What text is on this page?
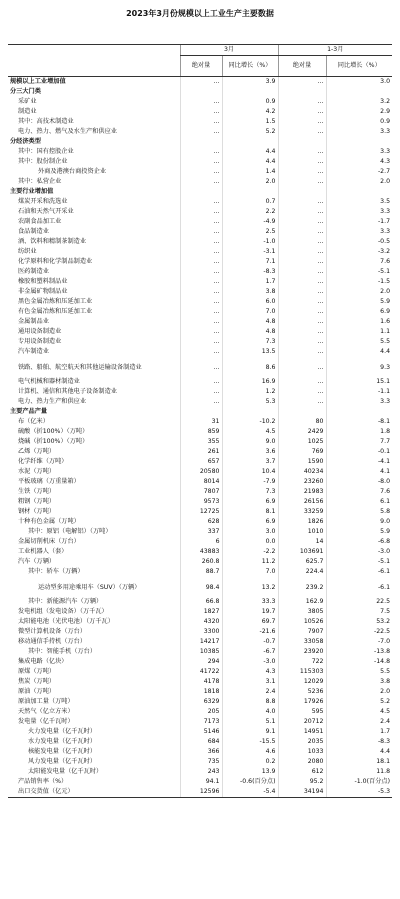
2023年3月份规模以上工业生产主要数据
	3月		1-3月	
	绝对量	同比增长（%）	绝对量	同比增长（%）
规模以上工业增加值	…	3.9	…	3.0
分三大门类				
采矿业	…	0.9	…	3.2
制造业	…	4.2	…	2.9
其中：高技术制造业	…	1.5	…	0.9
电力、热力、燃气及水生产和供应业	…	5.2	…	3.3
分经济类型				
其中：国有控股企业	…	4.4	…	3.3
其中：股份制企业	…	4.4	…	4.3
外商及港澳台商投资企业	…	1.4	…	-2.7
其中：私营企业	…	2.0	…	2.0
主要行业增加值				
煤炭开采和洗选业	…	0.7	…	3.5
石油和天然气开采业	…	2.2	…	3.3
农副食品加工业	…	-4.9	…	-1.7
食品制造业	…	2.5	…	3.3
酒、饮料和精制茶制造业	…	-1.0	…	-0.5
纺织业	…	-3.1	…	-3.2
化学原料和化学制品制造业	…	7.1	…	7.6
医药制造业	…	-8.3	…	-5.1
橡胶和塑料制品业	…	1.7	…	-1.5
非金属矿物制品业	…	3.8	…	2.0
黑色金属冶炼和压延加工业	…	6.0	…	5.9
有色金属冶炼和压延加工业	…	7.0	…	6.9
金属制品业	…	4.8	…	1.6
通用设备制造业	…	4.8	…	1.1
专用设备制造业	…	7.3	…	5.5
汽车制造业	…	13.5	…	4.4
铁路、船舶、航空航天和其他运输设备制造业	…	8.6	…	9.3
电气机械和器材制造业	…	16.9	…	15.1
计算机、通信和其他电子设备制造业	…	1.2	…	-1.1
电力、热力生产和供应业	…	5.3	…	3.3
主要产品产量				
布（亿米）	31	-10.2	80	-8.1
硫酸（折100%）（万吨）	859	4.5	2429	1.8
烧碱（折100%）（万吨）	355	9.0	1025	7.7
乙烯（万吨）	261	3.6	769	-0.1
化学纤维（万吨）	657	3.7	1590	-4.1
水泥（万吨）	20580	10.4	40234	4.1
平板玻璃（万重量箱）	8014	-7.9	23260	-8.0
生铁（万吨）	7807	7.3	21983	7.6
粗钢（万吨）	9573	6.9	26156	6.1
钢材（万吨）	12725	8.1	33259	5.8
十种有色金属（万吨）	628	6.9	1826	9.0
其中：原铝（电解铝）（万吨）	337	3.0	1010	5.9
金属切削机床（万台）	6	0.0	14	-6.8
工业机器人（套）	43883	-2.2	103691	-3.0
汽车（万辆）	260.8	11.2	625.7	-5.1
其中：轿车（万辆）	88.7	7.0	224.4	-6.1
运动型多用途乘用车（SUV）（万辆）	98.4	13.2	239.2	-6.1
其中：新能源汽车（万辆）	66.8	33.3	162.9	22.5
发电机组（发电设备）（万千瓦）	1827	19.7	3805	7.5
太阳能电池（光伏电池）（万千瓦）	4320	69.7	10526	53.2
微型计算机设备（万台）	3300	-21.6	7907	-22.5
移动通信手持机（万台）	14217	-0.7	33058	-7.0
其中：智能手机（万台）	10385	-6.7	23920	-13.8
集成电路（亿块）	294	-3.0	722	-14.8
原煤（万吨）	41722	4.3	115303	5.5
焦炭（万吨）	4178	3.1	12029	3.8
原油（万吨）	1818	2.4	5236	2.0
原油加工量（万吨）	6329	8.8	17926	5.2
天然气（亿立方米）	205	4.0	595	4.5
发电量（亿千瓦时）	7173	5.1	20712	2.4
火力发电量（亿千瓦时）	5146	9.1	14951	1.7
水力发电量（亿千瓦时）	684	-15.5	2035	-8.3
核能发电量（亿千瓦时）	366	4.6	1033	4.4
风力发电量（亿千瓦时）	735	0.2	2080	18.1
太阳能发电量（亿千瓦时）	243	13.9	612	11.8
产品销售率（%）	94.1	-0.6(百分点)	95.2	-1.0(百分点)
出口交货值（亿元）	12596	-5.4	34194	-5.3
